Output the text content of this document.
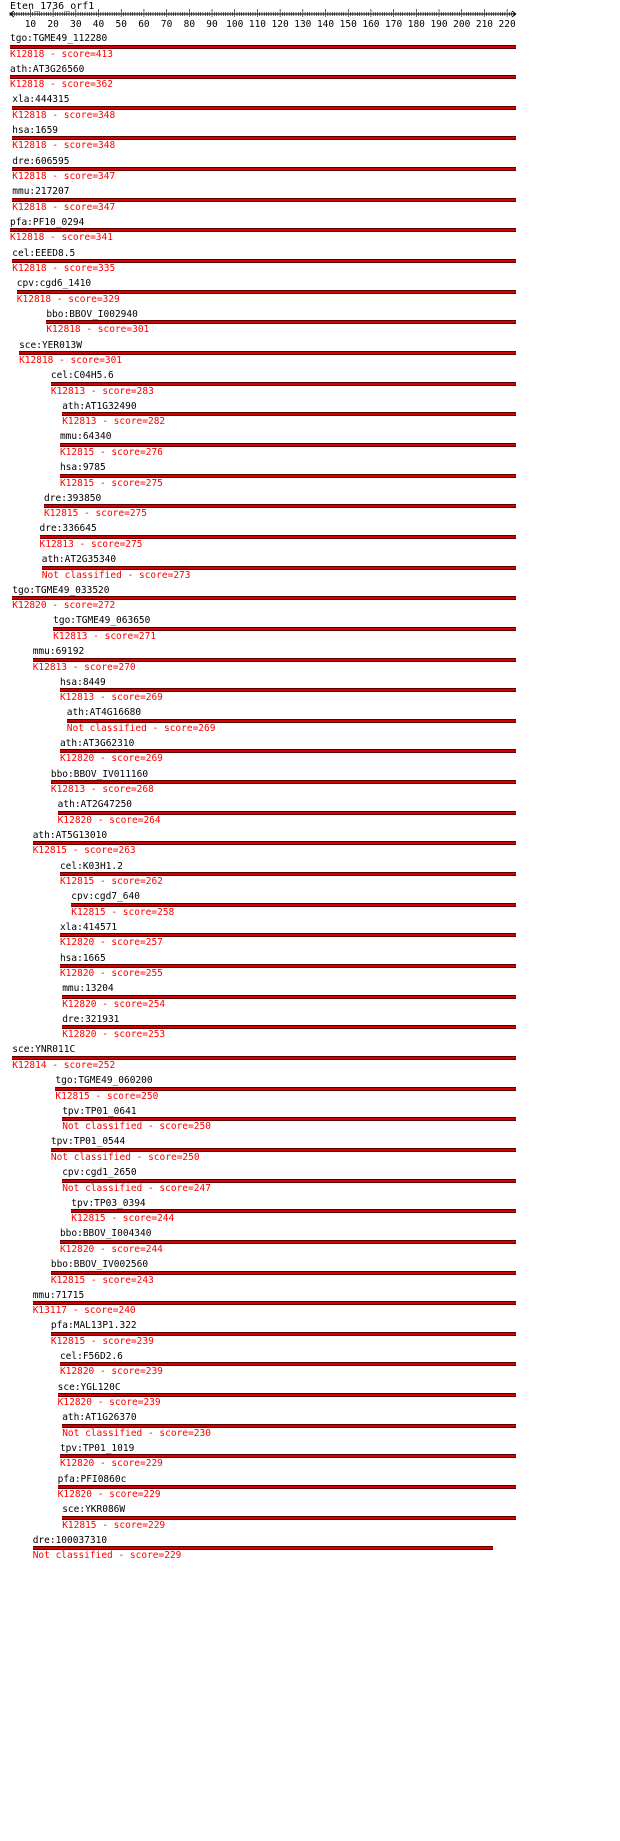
Eten_1736_orf1
10 20 30 40 50 60 70 80 90 100 110 120 130 140 150 160 170 180 190 200 210 220
tgo:TGME49_112280
K12818 - score=413
ath:AT3G26560
K12818 - score=362
xla:444315
K12818 - score=348
hsa:1659
K12818 - score=348
dre:606595
K12818 - score=347
mmu:217207
K12818 - score=347
pfa:PF10_0294
K12818 - score=341
cel:EEED8.5
K12818 - score=335
cpv:cgd6_1410
K12818 - score=329
bbo:BBOV_I002940
K12818 - score=301
sce:YER013W
K12818 - score=301
cel:C04H5.6
K12813 - score=283
ath:AT1G32490
K12813 - score=282
mmu:64340
K12815 - score=276
hsa:9785
K12815 - score=275
dre:393850
K12815 - score=275
dre:336645
K12813 - score=275
ath:AT2G35340
Not classified - score=273
tgo:TGME49_033520
K12820 - score=272
tgo:TGME49_063650
K12813 - score=271
mmu:69192
K12813 - score=270
hsa:8449
K12813 - score=269
ath:AT4G16680
Not classified - score=269
ath:AT3G62310
K12820 - score=269
bbo:BBOV_IV011160
K12813 - score=268
ath:AT2G47250
K12820 - score=264
ath:AT5G13010
K12815 - score=263
cel:K03H1.2
K12815 - score=262
cpv:cgd7_640
K12815 - score=258
xla:414571
K12820 - score=257
hsa:1665
K12820 - score=255
mmu:13204
K12820 - score=254
dre:321931
K12820 - score=253
sce:YNR011C
K12814 - score=252
tgo:TGME49_060200
K12815 - score=250
tpv:TP01_0641
Not classified - score=250
tpv:TP01_0544
Not classified - score=250
cpv:cgd1_2650
Not classified - score=247
tpv:TP03_0394
K12815 - score=244
bbo:BBOV_I004340
K12820 - score=244
bbo:BBOV_IV002560
K12815 - score=243
mmu:71715
K13117 - score=240
pfa:MAL13P1.322
K12815 - score=239
cel:F56D2.6
K12820 - score=239
sce:YGL120C
K12820 - score=239
ath:AT1G26370
Not classified - score=230
tpv:TP01_1019
K12820 - score=229
pfa:PFI0860c
K12820 - score=229
sce:YKR086W
K12815 - score=229
dre:100037310
Not classified - score=229
